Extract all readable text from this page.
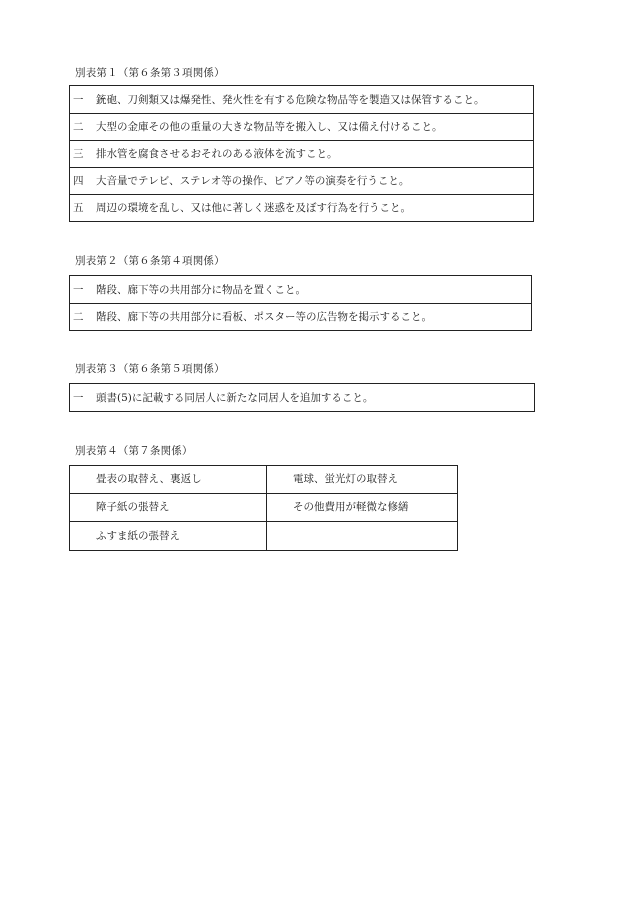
別表第１（第６条第３項関係）
一 銃砲、刀剣類又は爆発性、発火性を有する危険な物品等を製造又は保管すること。
二 大型の金庫その他の重量の大きな物品等を搬入し、又は備え付けること。
三 排水管を腐食させるおそれのある液体を流すこと。
四 大音量でテレビ、ステレオ等の操作、ピアノ等の演奏を行うこと。
五 周辺の環境を乱し、又は他に著しく迷惑を及ぼす行為を行うこと。
別表第２（第６条第４項関係）
一 階段、廊下等の共用部分に物品を置くこと。
二 階段、廊下等の共用部分に看板、ポスター等の広告物を掲示すること。
別表第３（第６条第５項関係）
一 頭書(5)に記載する同居人に新たな同居人を追加すること。
別表第４（第７条関係）
畳表の取替え、裏返し	電球、蛍光灯の取替え
障子紙の張替え	その他費用が軽微な修繕
ふすま紙の張替え
